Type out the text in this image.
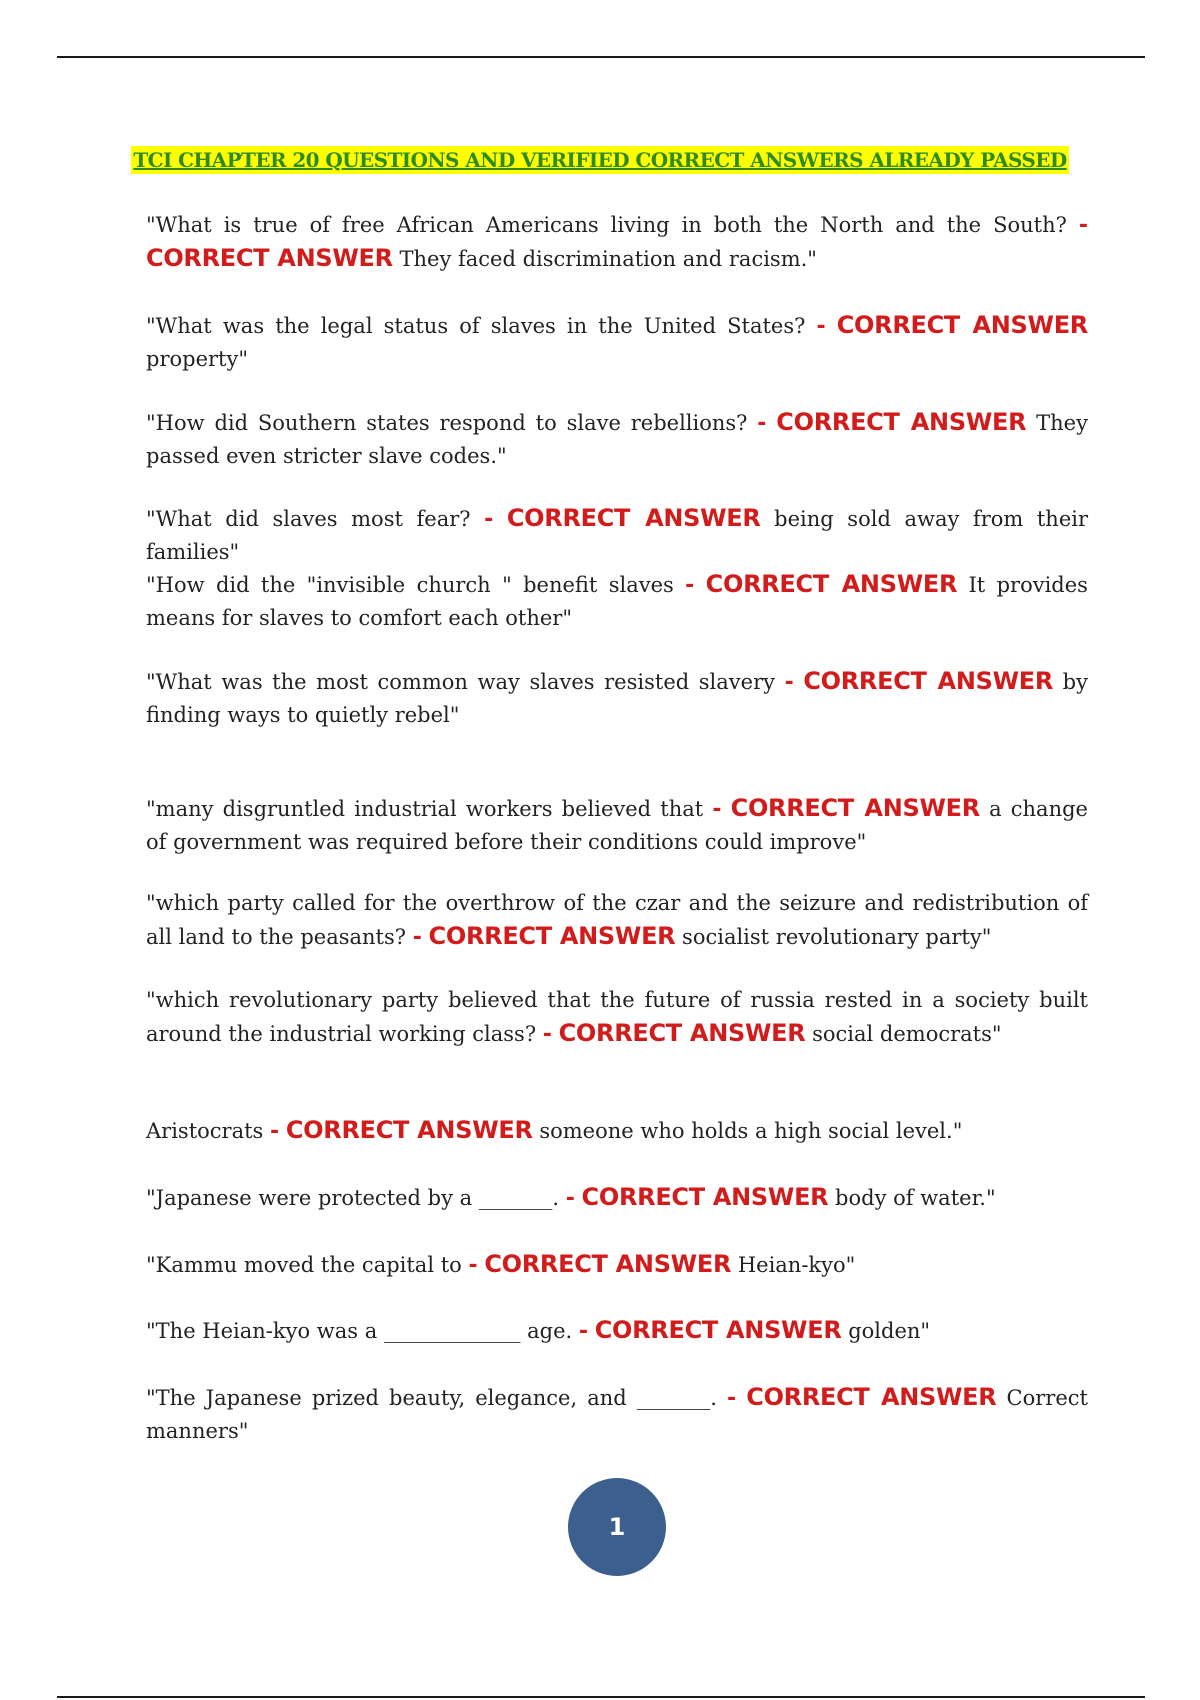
TCI CHAPTER 20 QUESTIONS AND VERIFIED CORRECT ANSWERS ALREADY PASSED

"What is true of free African Americans living in both the North and the South? - CORRECT ANSWER They faced discrimination and racism."

"What was the legal status of slaves in the United States? - CORRECT ANSWER property"

"How did Southern states respond to slave rebellions? - CORRECT ANSWER They passed even stricter slave codes."

"What did slaves most fear? - CORRECT ANSWER being sold away from their families"

"How did the "invisible church " benefit slaves - CORRECT ANSWER It provides means for slaves to comfort each other"

"What was the most common way slaves resisted slavery - CORRECT ANSWER by finding ways to quietly rebel"

"many disgruntled industrial workers believed that - CORRECT ANSWER a change of government was required before their conditions could improve"

"which party called for the overthrow of the czar and the seizure and redistribution of all land to the peasants? - CORRECT ANSWER socialist revolutionary party"

"which revolutionary party believed that the future of russia rested in a society built around the industrial working class? - CORRECT ANSWER social democrats"

Aristocrats - CORRECT ANSWER someone who holds a high social level."

"Japanese were protected by a _______. - CORRECT ANSWER body of water."

"Kammu moved the capital to - CORRECT ANSWER Heian-kyo"

"The Heian-kyo was a _____________ age. - CORRECT ANSWER golden"

"The Japanese prized beauty, elegance, and _______. - CORRECT ANSWER Correct manners"

1
